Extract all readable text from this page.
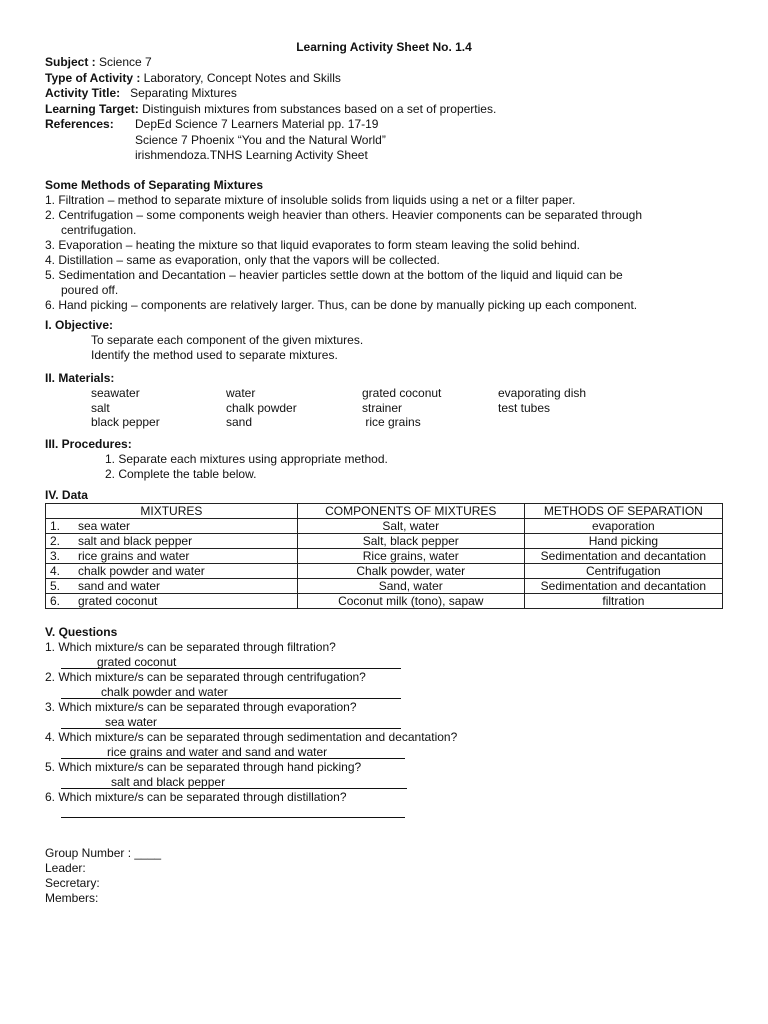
Learning Activity Sheet No. 1.4
Subject : Science 7
Type of Activity : Laboratory, Concept Notes and Skills
Activity Title:   Separating Mixtures
Learning Target: Distinguish mixtures from substances based on a set of properties.
References:	DepEd Science 7 Learners Material pp. 17-19
Science 7 Phoenix “You and the Natural World”
irishmendoza.TNHS Learning Activity Sheet
Some Methods of Separating Mixtures
1. Filtration – method to separate mixture of insoluble solids from liquids using a net or a filter paper.
2. Centrifugation – some components weigh heavier than others. Heavier components can be separated through
centrifugation.
3. Evaporation – heating the mixture so that liquid evaporates to form steam leaving the solid behind.
4. Distillation – same as evaporation, only that the vapors will be collected.
5. Sedimentation and Decantation – heavier particles settle down at the bottom of the liquid and liquid can be
poured off.
6. Hand picking – components are relatively larger. Thus, can be done by manually picking up each component.
I. Objective:
To separate each component of the given mixtures.
Identify the method used to separate mixtures.
II. Materials:
seawater	water	grated coconut	evaporating dish
salt	chalk powder	strainer	test tubes
black pepper	sand	rice grains
III. Procedures:
1. Separate each mixtures using appropriate method.
2. Complete the table below.
IV. Data
MIXTURES		COMPONENTS OF MIXTURES	METHODS OF SEPARATION
1.	sea water	Salt, water	evaporation
2.	salt and black pepper	Salt, black pepper	Hand picking
3.	rice grains and water	Rice grains, water	Sedimentation and decantation
4.	chalk powder and water	Chalk powder, water	Centrifugation
5.	sand and water	Sand, water	Sedimentation and decantation
6.	grated coconut	Coconut milk (tono), sapaw	filtration
V. Questions
1. Which mixture/s can be separated through filtration?
grated coconut
2. Which mixture/s can be separated through centrifugation?
chalk powder and water
3. Which mixture/s can be separated through evaporation?
sea water
4. Which mixture/s can be separated through sedimentation and decantation?
rice grains and water and sand and water
5. Which mixture/s can be separated through hand picking?
salt and black pepper
6. Which mixture/s can be separated through distillation?
Group Number : ____
Leader:
Secretary:
Members:
